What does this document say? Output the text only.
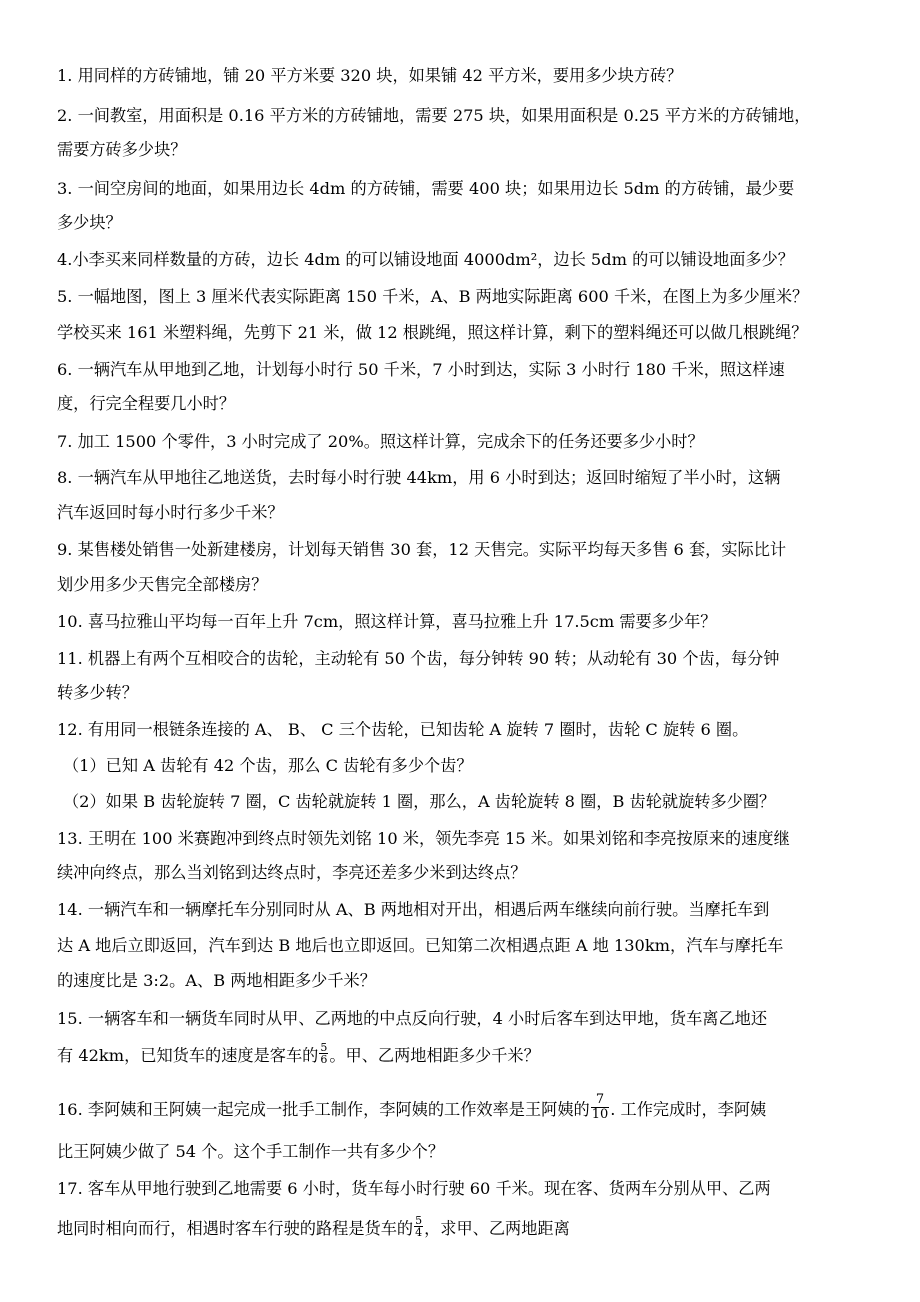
1. 用同样的方砖铺地，铺 20 平方米要 320 块，如果铺 42 平方米，要用多少块方砖？
2. 一间教室，用面积是 0.16 平方米的方砖铺地，需要 275 块，如果用面积是 0.25 平方米的方砖铺地，
需要方砖多少块？
3. 一间空房间的地面，如果用边长 4dm 的方砖铺，需要 400 块；如果用边长 5dm 的方砖铺，最少要
多少块？
4.小李买来同样数量的方砖，边长 4dm 的可以铺设地面 4000dm²，边长 5dm 的可以铺设地面多少？
5. 一幅地图，图上 3 厘米代表实际距离 150 千米，A、B 两地实际距离 600 千米，在图上为多少厘米？
学校买来 161 米塑料绳，先剪下 21 米，做 12 根跳绳，照这样计算，剩下的塑料绳还可以做几根跳绳？
6. 一辆汽车从甲地到乙地，计划每小时行 50 千米，7 小时到达，实际 3 小时行 180 千米，照这样速
度，行完全程要几小时？
7. 加工 1500 个零件，3 小时完成了 20%。照这样计算，完成余下的任务还要多少小时？
8. 一辆汽车从甲地往乙地送货，去时每小时行驶 44km，用 6 小时到达；返回时缩短了半小时，这辆
汽车返回时每小时行多少千米？
9. 某售楼处销售一处新建楼房，计划每天销售 30 套，12 天售完。实际平均每天多售 6 套，实际比计
划少用多少天售完全部楼房？
10. 喜马拉雅山平均每一百年上升 7cm，照这样计算，喜马拉雅上升 17.5cm 需要多少年？
11. 机器上有两个互相咬合的齿轮，主动轮有 50 个齿，每分钟转 90 转；从动轮有 30 个齿，每分钟
转多少转？
12. 有用同一根链条连接的 A、 B、 C 三个齿轮，已知齿轮 A 旋转 7 圈时，齿轮 C 旋转 6 圈。
（1）已知 A 齿轮有 42 个齿，那么 C 齿轮有多少个齿？
（2）如果 B 齿轮旋转 7 圈，C 齿轮就旋转 1 圈，那么，A 齿轮旋转 8 圈，B 齿轮就旋转多少圈？
13. 王明在 100 米赛跑冲到终点时领先刘铭 10 米，领先李亮 15 米。如果刘铭和李亮按原来的速度继
续冲向终点，那么当刘铭到达终点时，李亮还差多少米到达终点？
14. 一辆汽车和一辆摩托车分别同时从 A、B 两地相对开出，相遇后两车继续向前行驶。当摩托车到
达 A 地后立即返回，汽车到达 B 地后也立即返回。已知第二次相遇点距 A 地 130km，汽车与摩托车
的速度比是 3:2。A、B 两地相距多少千米？
15. 一辆客车和一辆货车同时从甲、乙两地的中点反向行驶，4 小时后客车到达甲地，货车离乙地还
有 42km，已知货车的速度是客车的 $\frac{5}{6}$ 。甲、乙两地相距多少千米？
16. 李阿姨和王阿姨一起完成一批手工制作，李阿姨的工作效率是王阿姨的 $\frac{7}{10}$ . 工作完成时，李阿姨
比王阿姨少做了 54 个。这个手工制作一共有多少个？
17. 客车从甲地行驶到乙地需要 6 小时，货车每小时行驶 60 千米。现在客、货两车分别从甲、乙两
地同时相向而行，相遇时客车行驶的路程是货车的 $\frac{5}{4}$ ，求甲、乙两地距离
